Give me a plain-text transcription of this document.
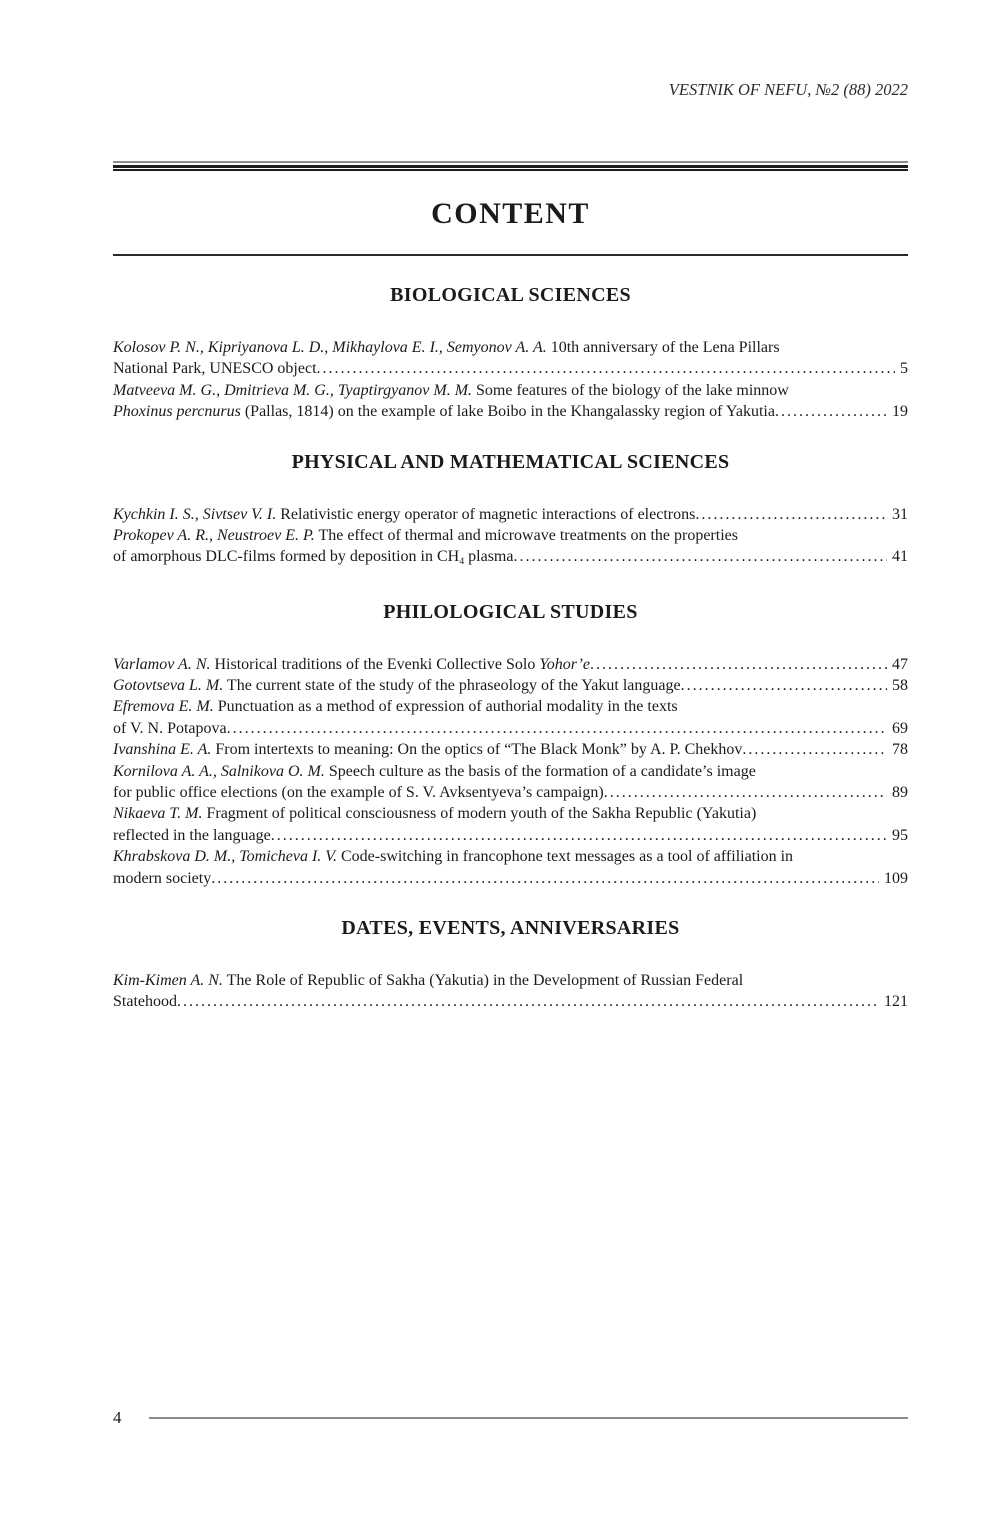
VESTNIK OF NEFU, №2 (88) 2022
CONTENT
BIOLOGICAL SCIENCES
Kolosov P. N., Kipriyanova L. D., Mikhaylova E. I., Semyonov A. A. 10th anniversary of the Lena Pillars
National Park, UNESCO object .....	5
Matveeva M. G., Dmitrieva M. G., Tyaptirgyanov M. M. Some features of the biology of the lake minnow
Phoxinus percnurus (Pallas, 1814) on the example of lake Boibo in the Khangalassky region of Yakutia .....	19
PHYSICAL AND MATHEMATICAL SCIENCES
Kychkin I. S., Sivtsev V. I. Relativistic energy operator of magnetic interactions of electrons .....	31
Prokopev A. R., Neustroev E. P. The effect of thermal and microwave treatments on the properties
of amorphous DLC-films formed by deposition in $CH_4$ plasma .....	41
PHILOLOGICAL STUDIES
Varlamov A. N. Historical traditions of the Evenki Collective Solo Yohor’e .....	47
Gotovtseva L. M. The current state of the study of the phraseology of the Yakut language .....	58
Efremova E. M. Punctuation as a method of expression of authorial modality in the texts
of V. N. Potapova .....	69
Ivanshina E. A. From intertexts to meaning: On the optics of “The Black Monk” by A. P. Chekhov .....	78
Kornilova A. A., Salnikova O. M. Speech culture as the basis of the formation of a candidate’s image
for public office elections (on the example of S. V. Avksentyeva’s campaign) .....	89
Nikaeva T. M. Fragment of political consciousness of modern youth of the Sakha Republic (Yakutia)
reflected in the language .....	95
Khrabskova D. M., Tomicheva I. V. Code-switching in francophone text messages as a tool of affiliation in
modern society .....	109
DATES, EVENTS, ANNIVERSARIES
Kim-Kimen A. N. The Role of Republic of Sakha (Yakutia) in the Development of Russian Federal
Statehood .....	121
4
